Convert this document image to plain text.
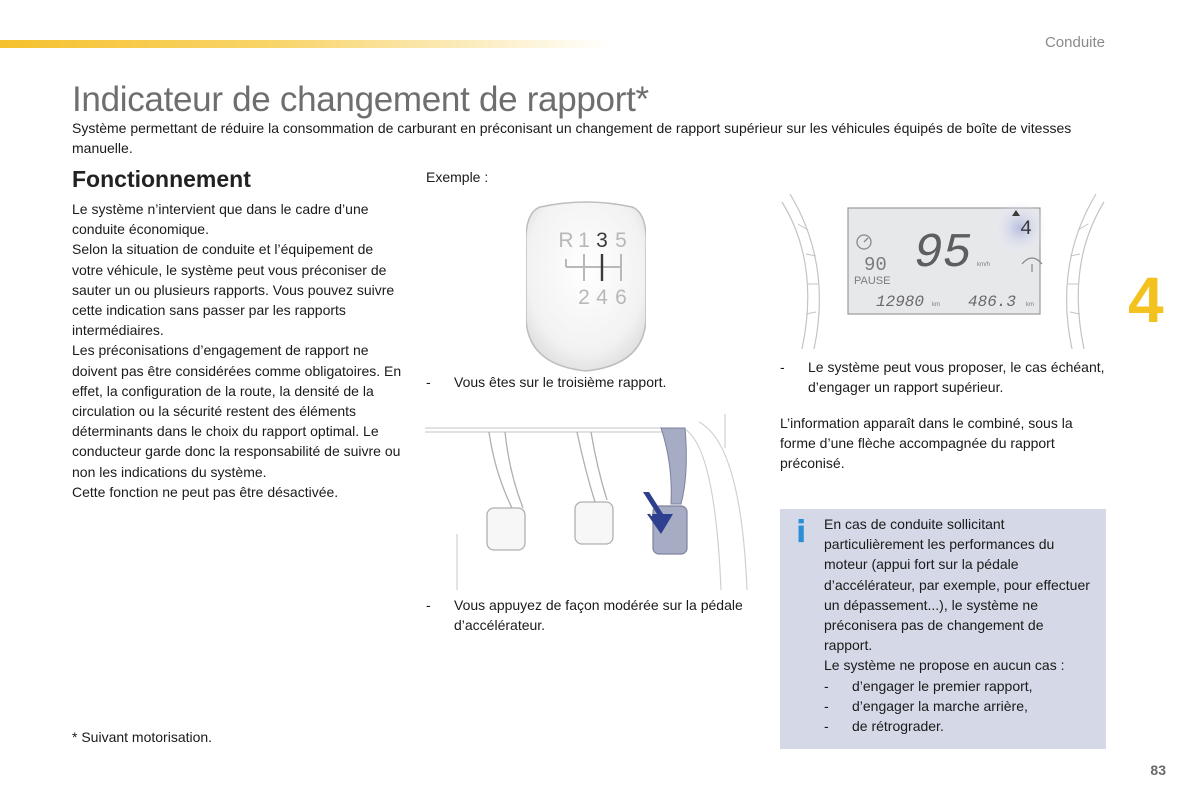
Conduite
4
83
Indicateur de changement de rapport*

Système permettant de réduire la consommation de carburant en préconisant un changement de rapport supérieur sur les véhicules équipés de boîte de vitesses manuelle.

Fonctionnement

Le système n’intervient que dans le cadre d’une conduite économique.

Selon la situation de conduite et l’équipement de votre véhicule, le système peut vous préconiser de sauter un ou plusieurs rapports. Vous pouvez suivre cette indication sans passer par les rapports intermédiaires.

Les préconisations d’engagement de rapport ne doivent pas être considérées comme obligatoires. En effet, la configuration de la route, la densité de la circulation ou la sécurité restent des éléments déterminants dans le choix du rapport optimal. Le conducteur garde donc la responsabilité de suivre ou non les indications du système.

Cette fonction ne peut pas être désactivée.

Exemple :
R 1 3 5
2 4 6
- Vous êtes sur le troisième rapport.
- Vous appuyez de façon modérée sur la pédale d’accélérateur.
90
PAUSE 95 km/h
4
12980 km 486.3 km
- Le système peut vous proposer, le cas échéant, d’engager un rapport supérieur.

L’information apparaît dans le combiné, sous la forme d’une flèche accompagnée du rapport préconisé.

i En cas de conduite sollicitant particulièrement les performances du moteur (appui fort sur la pédale d’accélérateur, par exemple, pour effectuer un dépassement...), le système ne préconisera pas de changement de rapport.

Le système ne propose en aucun cas :

- d’engager le premier rapport,
- d’engager la marche arrière,
- de rétrograder.
* Suivant motorisation.
